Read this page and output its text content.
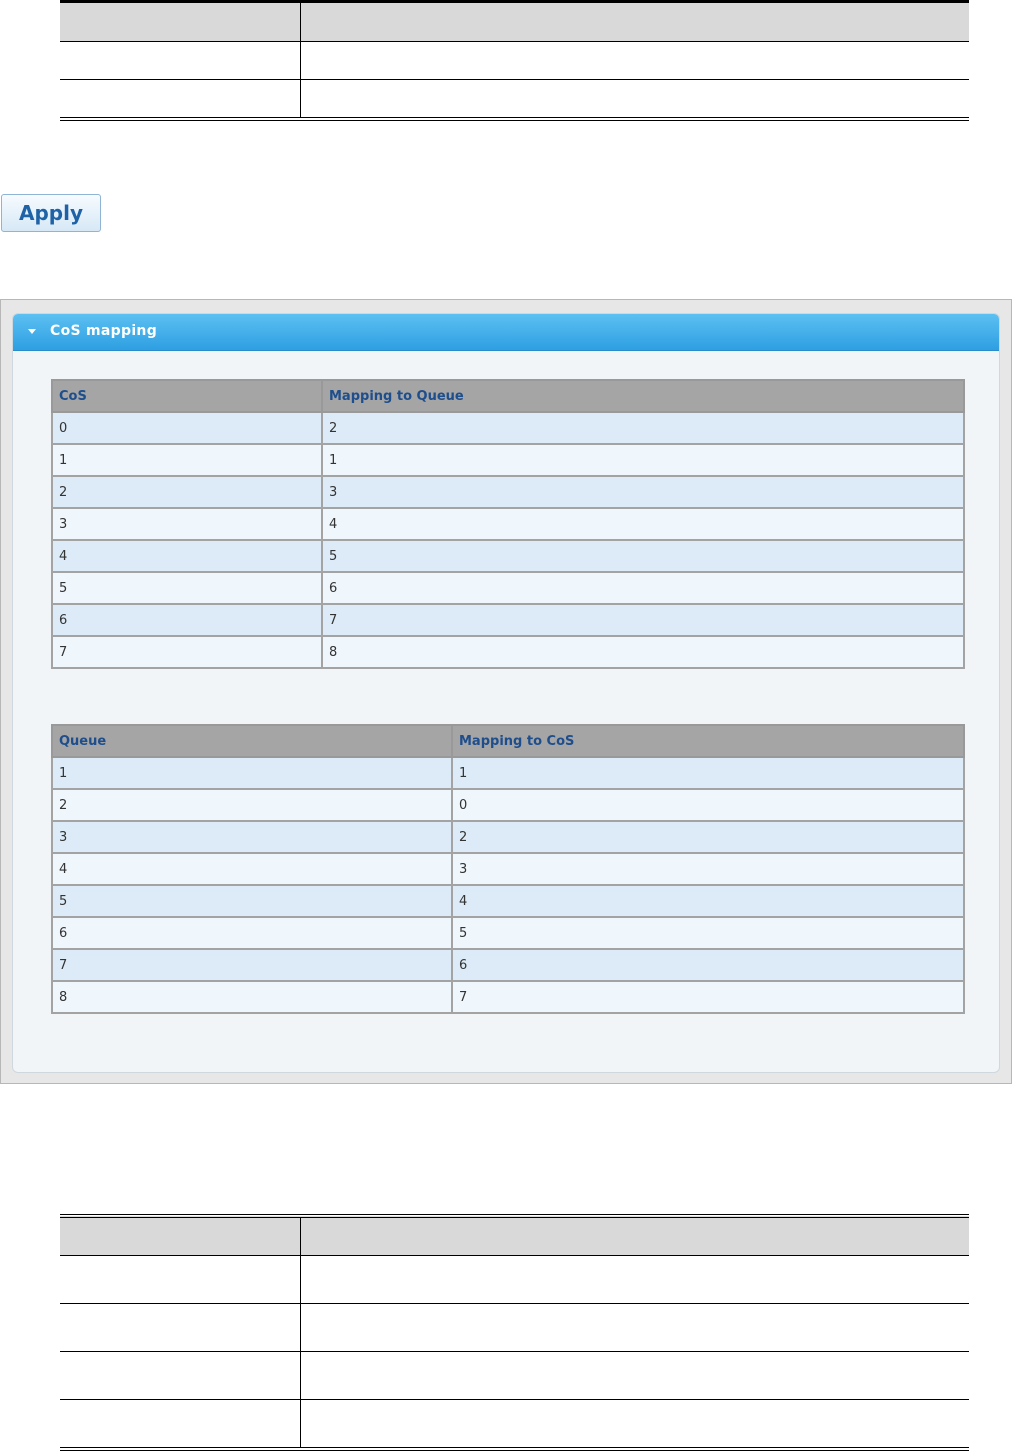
Apply
CoS mapping
CoS	Mapping to Queue
0	2
1	1
2	3
3	4
4	5
5	6
6	7
7	8
Queue	Mapping to CoS
1	1
2	0
3	2
4	3
5	4
6	5
7	6
8	7
